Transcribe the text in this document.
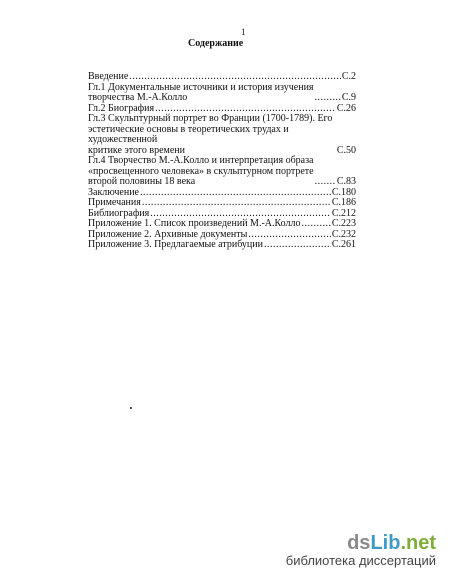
1
Содержание
Введение .....	С.2
Гл.1 Документальные источники и история изучения
творчества М.-А.Колло .....	С.9
Гл.2 Биография .....	С.26
Гл.3 Скульптурный портрет во Франции (1700-1789). Его
эстетические основы в теоретических трудах и художественной
критике этого времени	С.50
Гл.4 Творчество М.-А.Колло и интерпретация образа
«просвещенного человека» в скульптурном портрете
второй половины 18 века .....	С.83
Заключение .....	С.180
Примечания .....	С.186
Библиография .....	С.212
Приложение 1. Список произведений М.-А.Колло .....	С.223
Приложение 2. Архивные документы .....	С.232
Приложение 3. Предлагаемые атрибуции .....	С.261
ds Lib .net
библиотека диссертаций
